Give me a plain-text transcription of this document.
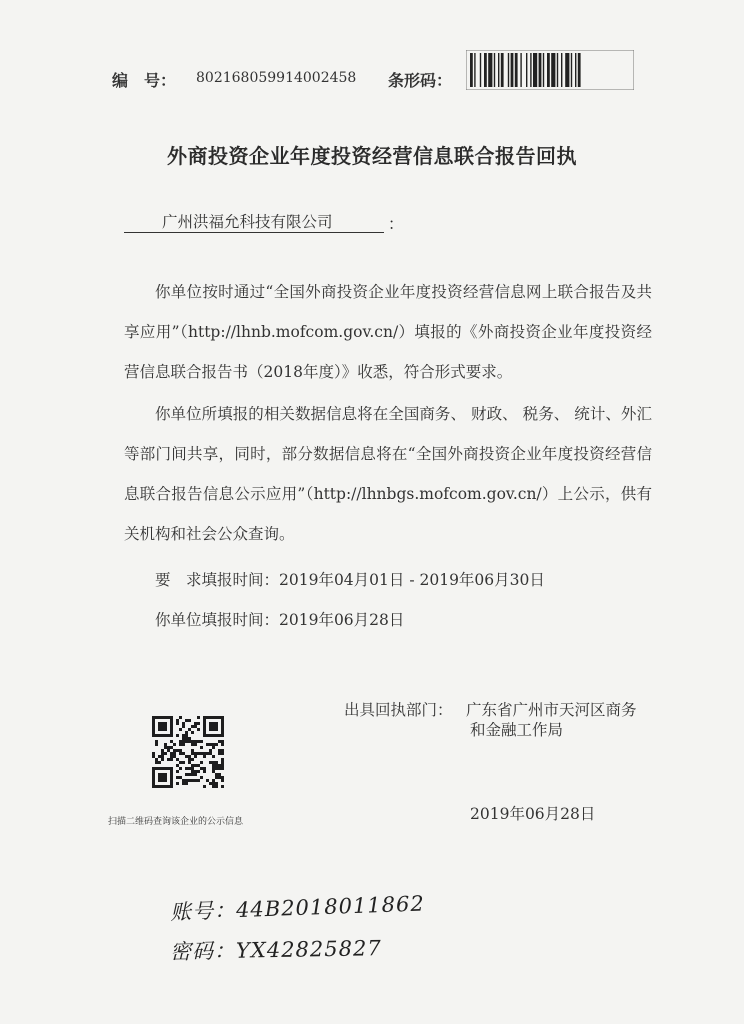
编　号： 802168059914002458 条形码：
外商投资企业年度投资经营信息联合报告回执
广州洪福允科技有限公司	：
你单位按时通过“全国外商投资企业年度投资经营信息网上联合报告及共享应用”（http://lhnb.mofcom.gov.cn/）填报的《外商投资企业年度投资经营信息联合报告书（2018年度）》收悉，符合形式要求。
你单位所填报的相关数据信息将在全国商务、 财政、 税务、 统计、外汇等部门间共享，同时，部分数据信息将在“全国外商投资企业年度投资经营信息联合报告信息公示应用”（http://lhnbgs.mofcom.gov.cn/）上公示，供有关机构和社会公众查询。
要　求填报时间：2019年04月01日 - 2019年06月30日
你单位填报时间：2019年06月28日
出具回执部门： 广东省广州市天河区商务
和金融工作局
2019年06月28日
扫描二维码查询该企业的公示信息
账号：44B2018011862
密码：YX42825827
